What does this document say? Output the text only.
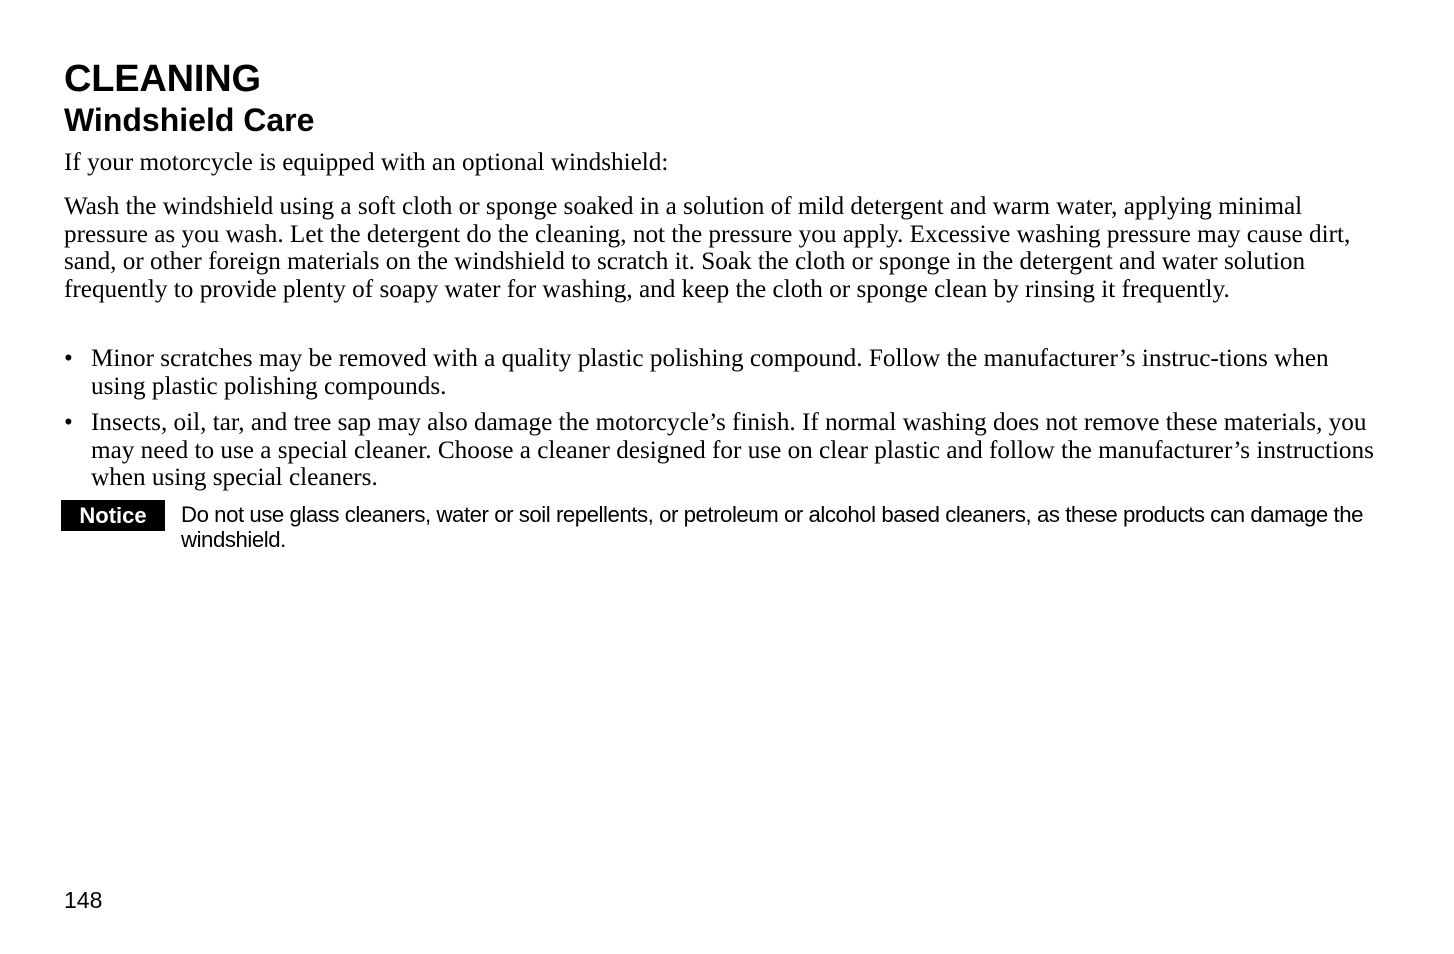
CLEANING
Windshield Care

If your motorcycle is equipped with an optional windshield:

Wash the windshield using a soft cloth or sponge soaked in a solution of mild detergent and warm water, applying minimal pressure as you wash. Let the detergent do the cleaning, not the pressure you apply. Excessive washing pressure may cause dirt, sand, or other foreign materials on the windshield to scratch it. Soak the cloth or sponge in the detergent and water solution frequently to provide plenty of soapy water for washing, and keep the cloth or sponge clean by rinsing it frequently.

• Minor scratches may be removed with a quality plastic polishing compound. Follow the manufacturer’s instruc-tions when using plastic polishing compounds.
• Insects, oil, tar, and tree sap may also damage the motorcycle’s finish. If normal washing does not remove these materials, you may need to use a special cleaner. Choose a cleaner designed for use on clear plastic and follow the manufacturer’s instructions when using special cleaners.
Notice	Do not use glass cleaners, water or soil repellents, or petroleum or alcohol based cleaners, as these products can damage the windshield.

148
